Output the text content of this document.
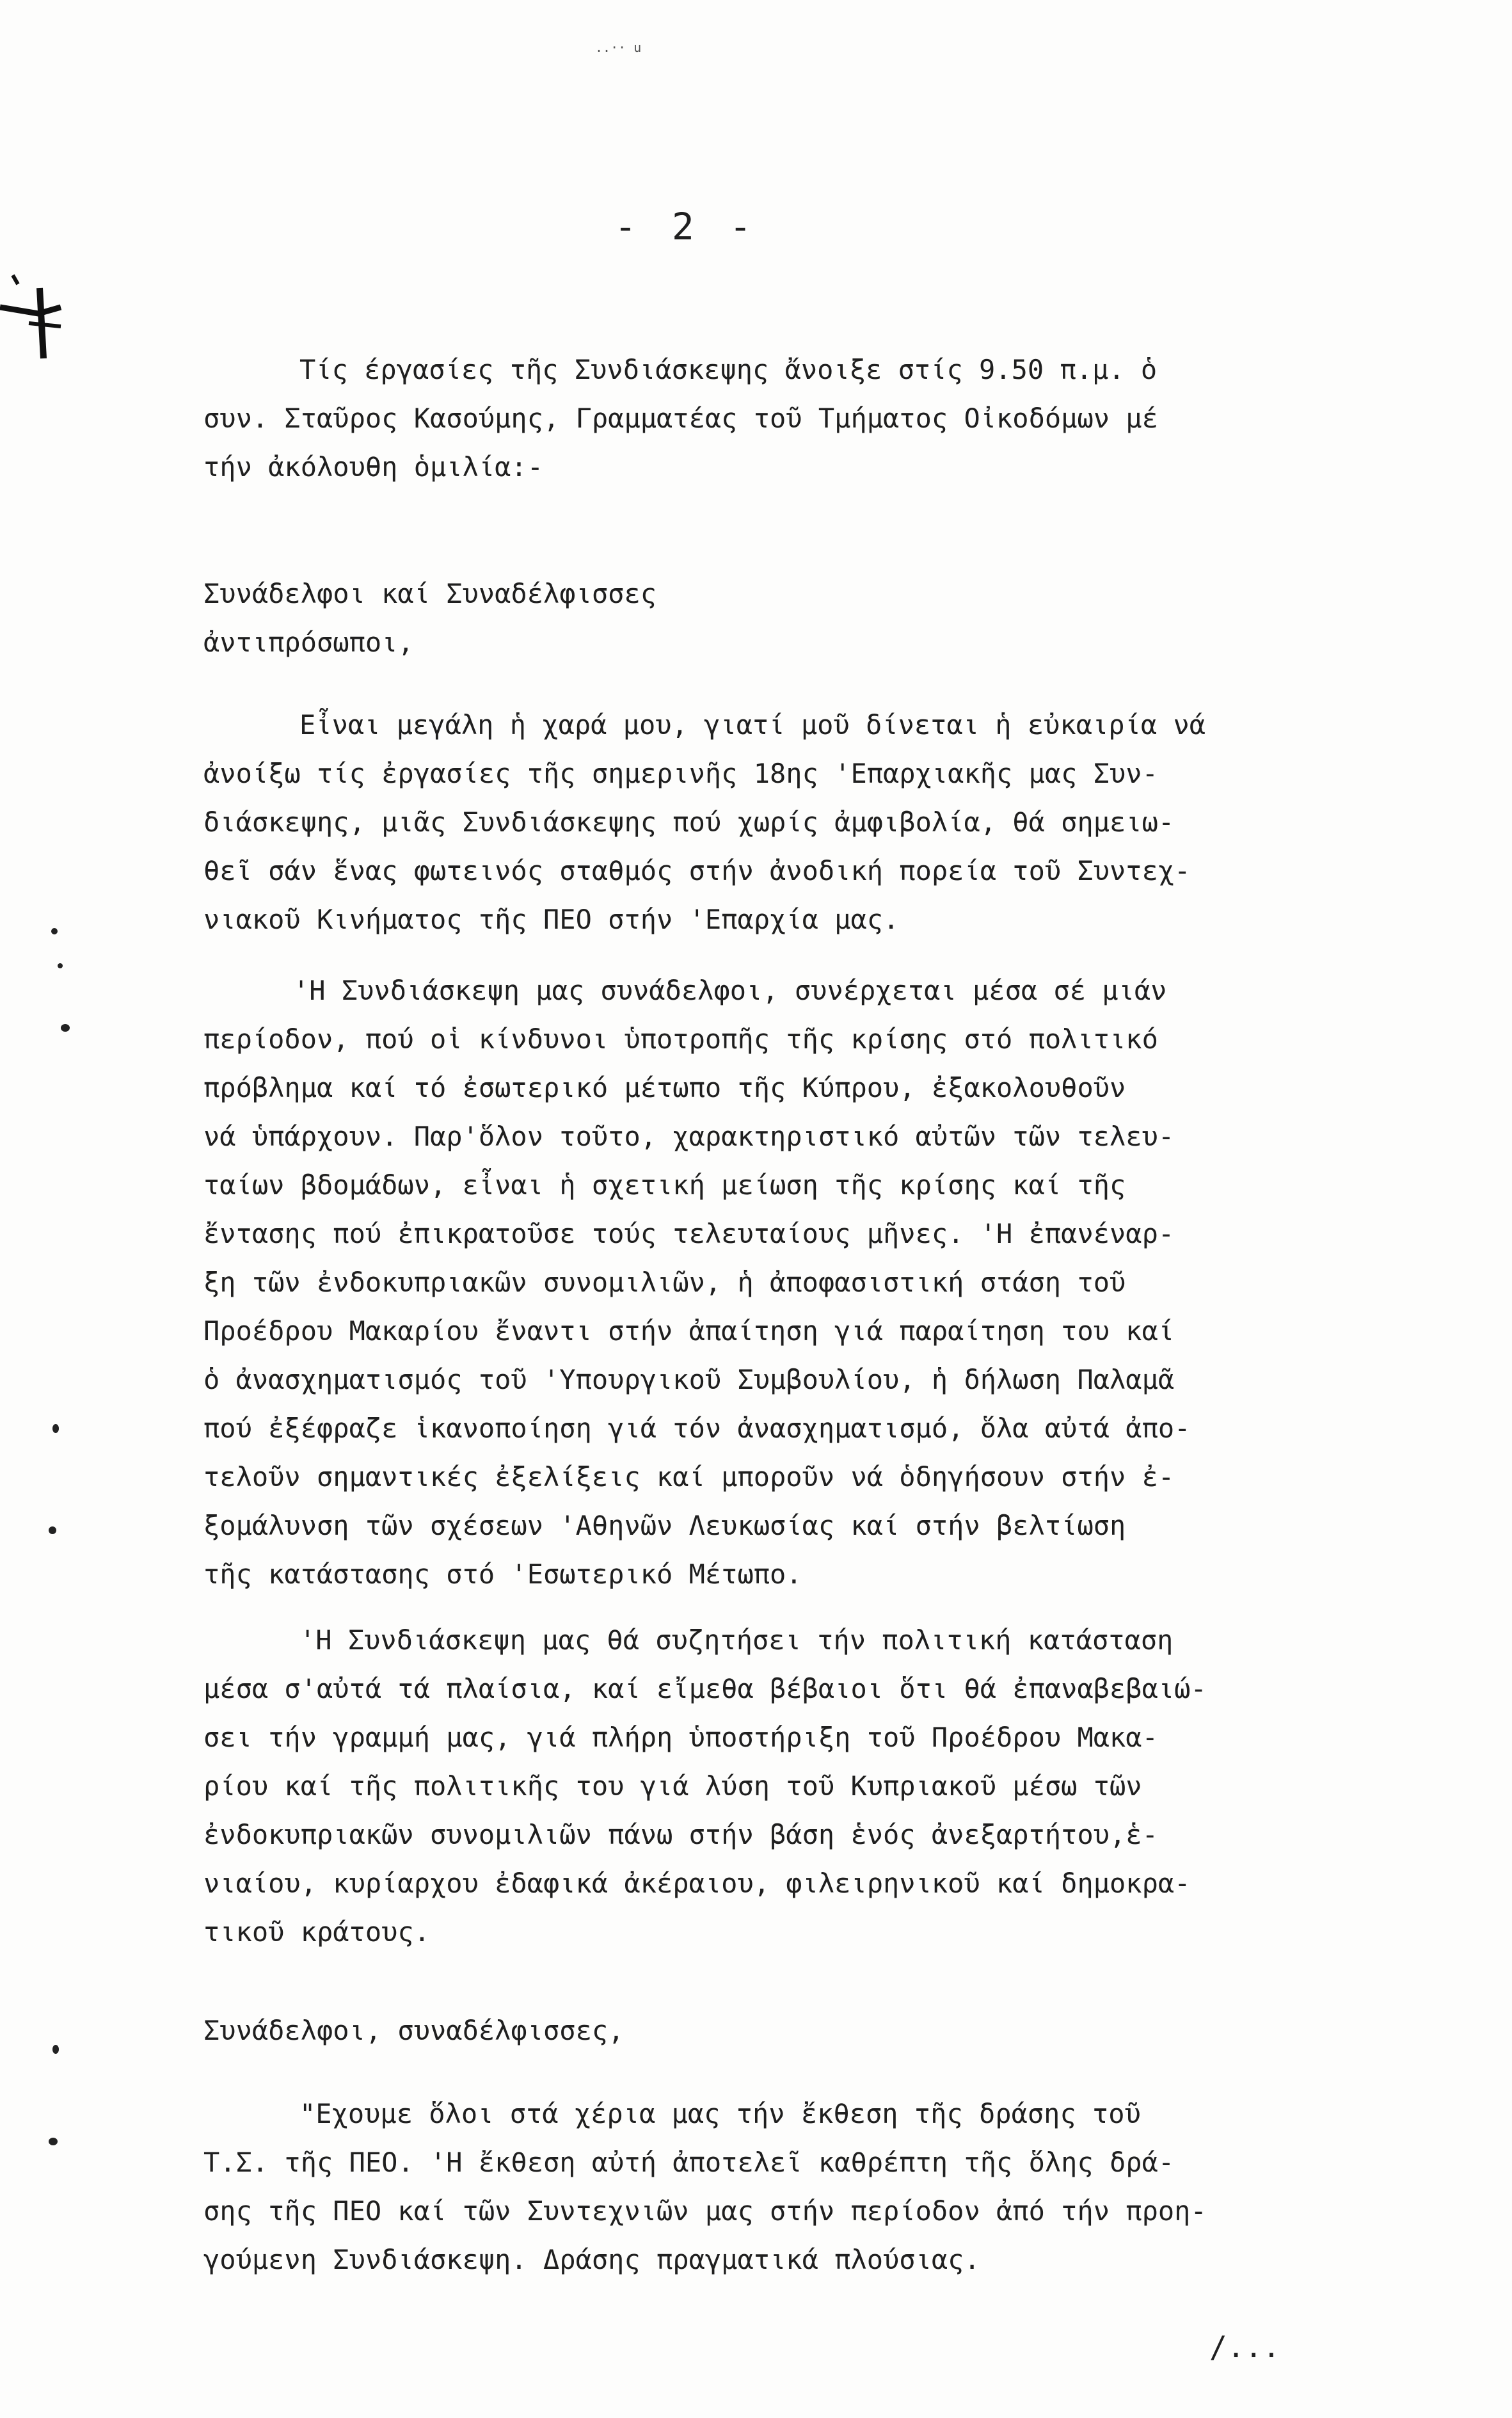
..·· u
- 2 -
Τίς έργασίες τῆς Συνδιάσκεψης ἄνοιξε στίς 9.50 π.μ. ὁ
συν. Σταῦρος Κασούμης, Γραμματέας τοῦ Τμήματος Οἰκοδόμων μέ
τήν ἀκόλουθη ὁμιλία:-
Συνάδελφοι καί Συναδέλφισσες
ἀντιπρόσωποι,
Εἶναι μεγάλη ἡ χαρά μου, γιατί μοῦ δίνεται ἡ εὐκαιρία νά
ἀνοίξω τίς ἐργασίες τῆς σημερινῆς 18ης 'Επαρχιακῆς μας Συν-
διάσκεψης, μιᾶς Συνδιάσκεψης πού χωρίς ἀμφιβολία, θά σημειω-
θεῖ σάν ἕνας φωτεινός σταθμός στήν ἀνοδική πορεία τοῦ Συντεχ-
νιακοῦ Κινήματος τῆς ΠΕΟ στήν 'Επαρχία μας.
'Η Συνδιάσκεψη μας συνάδελφοι, συνέρχεται μέσα σέ μιάν
περίοδον, πού οἱ κίνδυνοι ὑποτροπῆς τῆς κρίσης στό πολιτικό
πρόβλημα καί τό ἐσωτερικό μέτωπο τῆς Κύπρου, ἐξακολουθοῦν
νά ὑπάρχουν. Παρ'ὅλον τοῦτο, χαρακτηριστικό αὐτῶν τῶν τελευ-
ταίων βδομάδων, εἶναι ἡ σχετική μείωση τῆς κρίσης καί τῆς
ἔντασης πού ἐπικρατοῦσε τούς τελευταίους μῆνες. 'Η ἐπανέναρ-
ξη τῶν ἐνδοκυπριακῶν συνομιλιῶν, ἡ ἀποφασιστική στάση τοῦ
Προέδρου Μακαρίου ἔναντι στήν ἀπαίτηση γιά παραίτηση του καί
ὁ ἀνασχηματισμός τοῦ 'Υπουργικοῦ Συμβουλίου, ἡ δήλωση Παλαμᾶ
πού ἐξέφραζε ἱκανοποίηση γιά τόν ἀνασχηματισμό, ὅλα αὐτά ἀπο-
τελοῦν σημαντικές ἐξελίξεις καί μποροῦν νά ὁδηγήσουν στήν ἐ-
ξομάλυνση τῶν σχέσεων 'Αθηνῶν Λευκωσίας καί στήν βελτίωση
τῆς κατάστασης στό 'Εσωτερικό Μέτωπο.
'Η Συνδιάσκεψη μας θά συζητήσει τήν πολιτική κατάσταση
μέσα σ'αὐτά τά πλαίσια, καί εἴμεθα βέβαιοι ὅτι θά ἐπαναβεβαιώ-
σει τήν γραμμή μας, γιά πλήρη ὑποστήριξη τοῦ Προέδρου Μακα-
ρίου καί τῆς πολιτικῆς του γιά λύση τοῦ Κυπριακοῦ μέσω τῶν
ἐνδοκυπριακῶν συνομιλιῶν πάνω στήν βάση ἑνός ἀνεξαρτήτου,ἑ-
νιαίου, κυρίαρχου ἐδαφικά ἀκέραιου, φιλειρηνικοῦ καί δημοκρα-
τικοῦ κράτους.
Συνάδελφοι, συναδέλφισσες,
"Εχουμε ὅλοι στά χέρια μας τήν ἔκθεση τῆς δράσης τοῦ
Τ.Σ. τῆς ΠΕΟ. 'Η ἔκθεση αὐτή ἀποτελεῖ καθρέπτη τῆς ὅλης δρά-
σης τῆς ΠΕΟ καί τῶν Συντεχνιῶν μας στήν περίοδον ἀπό τήν προη-
γούμενη Συνδιάσκεψη. Δράσης πραγματικά πλούσιας.
/...
